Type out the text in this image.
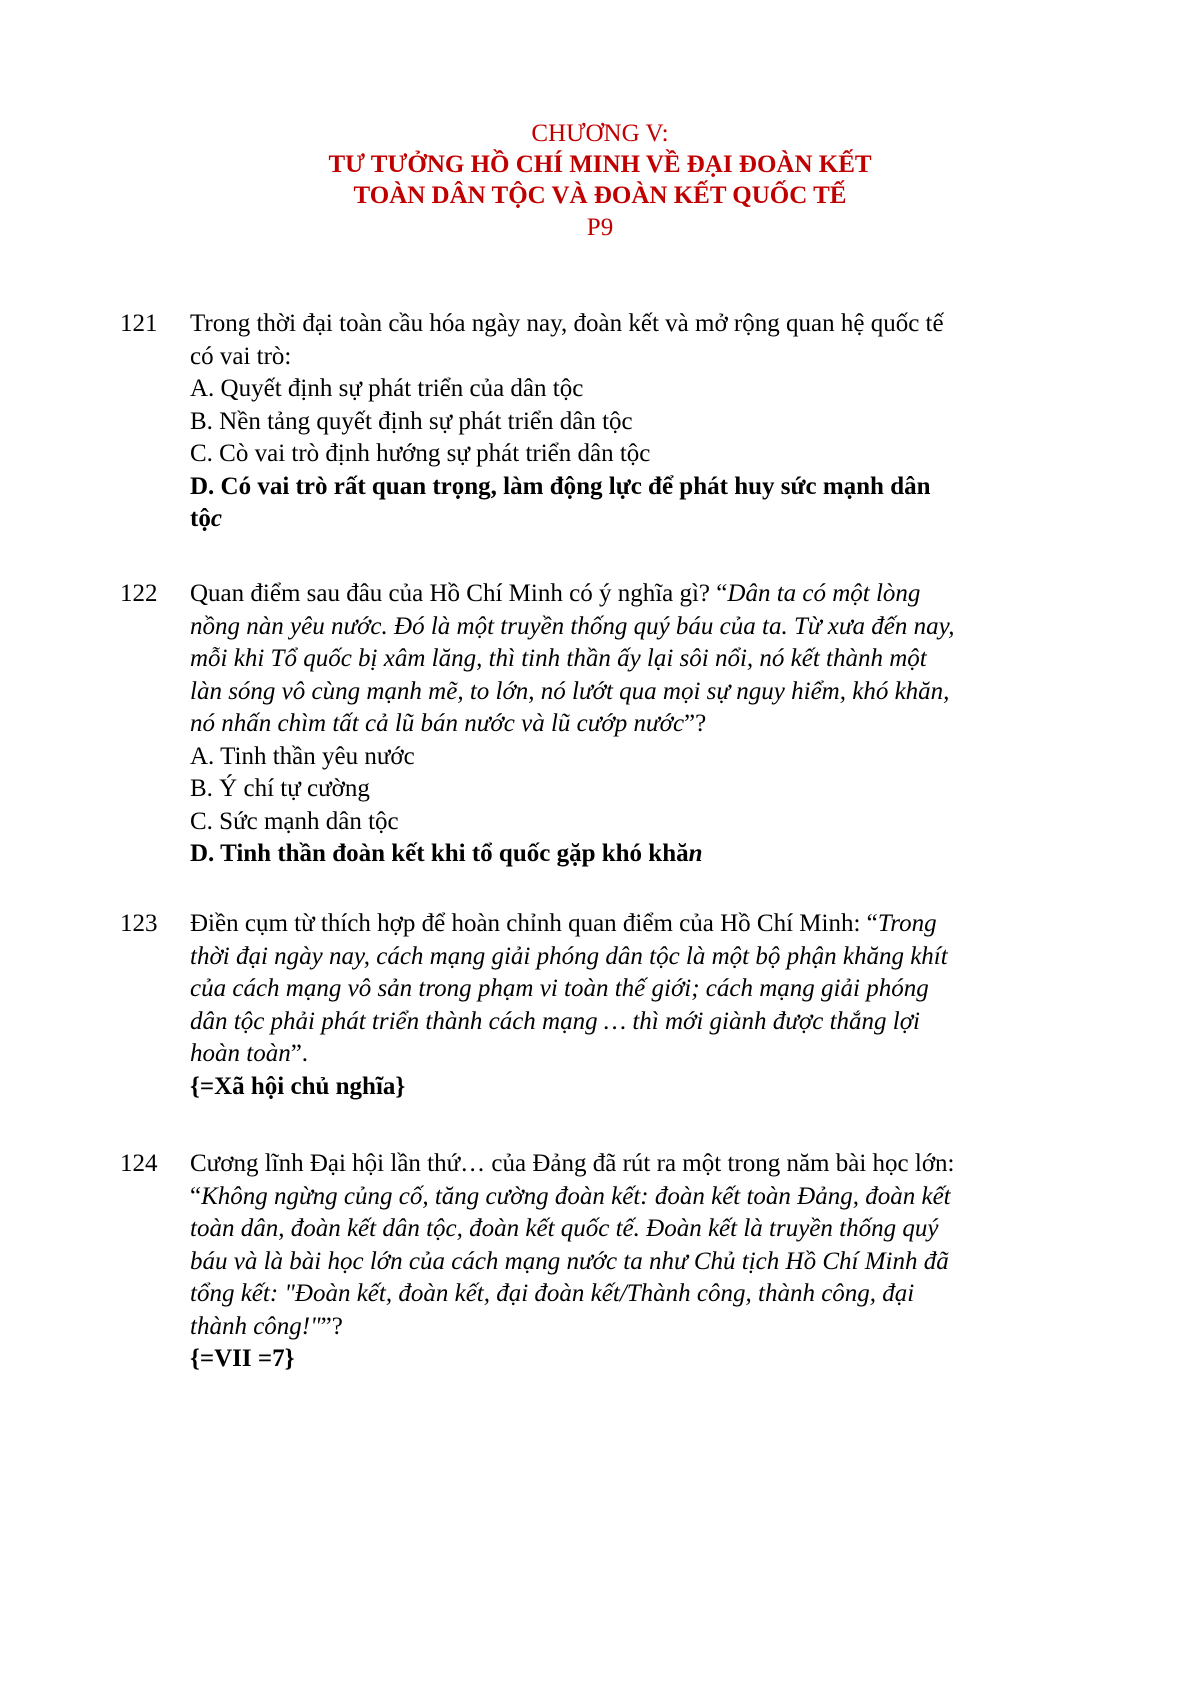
CHƯƠNG V:
TƯ TƯỞNG HỒ CHÍ MINH VỀ ĐẠI ĐOÀN KẾT
TOÀN DÂN TỘC VÀ ĐOÀN KẾT QUỐC TẾ
P9
121 Trong thời đại toàn cầu hóa ngày nay, đoàn kết và mở rộng quan hệ quốc tế
có vai trò:
A. Quyết định sự phát triển của dân tộc
B. Nền tảng quyết định sự phát triển dân tộc
C. Cò vai trò định hướng sự phát triển dân tộc
D. Có vai trò rất quan trọng, làm động lực để phát huy sức mạnh dân
tộc
122 Quan điểm sau đâu của Hồ Chí Minh có ý nghĩa gì? “Dân ta có một lòng
nồng nàn yêu nước. Đó là một truyền thống quý báu của ta. Từ xưa đến nay,
mỗi khi Tổ quốc bị xâm lăng, thì tinh thần ấy lại sôi nổi, nó kết thành một
làn sóng vô cùng mạnh mẽ, to lớn, nó lướt qua mọi sự nguy hiểm, khó khăn,
nó nhấn chìm tất cả lũ bán nước và lũ cướp nước”?
A. Tinh thần yêu nước
B. Ý chí tự cường
C. Sức mạnh dân tộc
D. Tinh thần đoàn kết khi tổ quốc gặp khó khăn
123 Điền cụm từ thích hợp để hoàn chỉnh quan điểm của Hồ Chí Minh: “Trong
thời đại ngày nay, cách mạng giải phóng dân tộc là một bộ phận khăng khít
của cách mạng vô sản trong phạm vi toàn thế giới; cách mạng giải phóng
dân tộc phải phát triển thành cách mạng … thì mới giành được thắng lợi
hoàn toàn”.
{=Xã hội chủ nghĩa}
124 Cương lĩnh Đại hội lần thứ… của Đảng đã rút ra một trong năm bài học lớn:
“Không ngừng củng cố, tăng cường đoàn kết: đoàn kết toàn Đảng, đoàn kết
toàn dân, đoàn kết dân tộc, đoàn kết quốc tế. Đoàn kết là truyền thống quý
báu và là bài học lớn của cách mạng nước ta như Chủ tịch Hồ Chí Minh đã
tổng kết: "Đoàn kết, đoàn kết, đại đoàn kết/Thành công, thành công, đại
thành công!"”?
{=VII =7}
